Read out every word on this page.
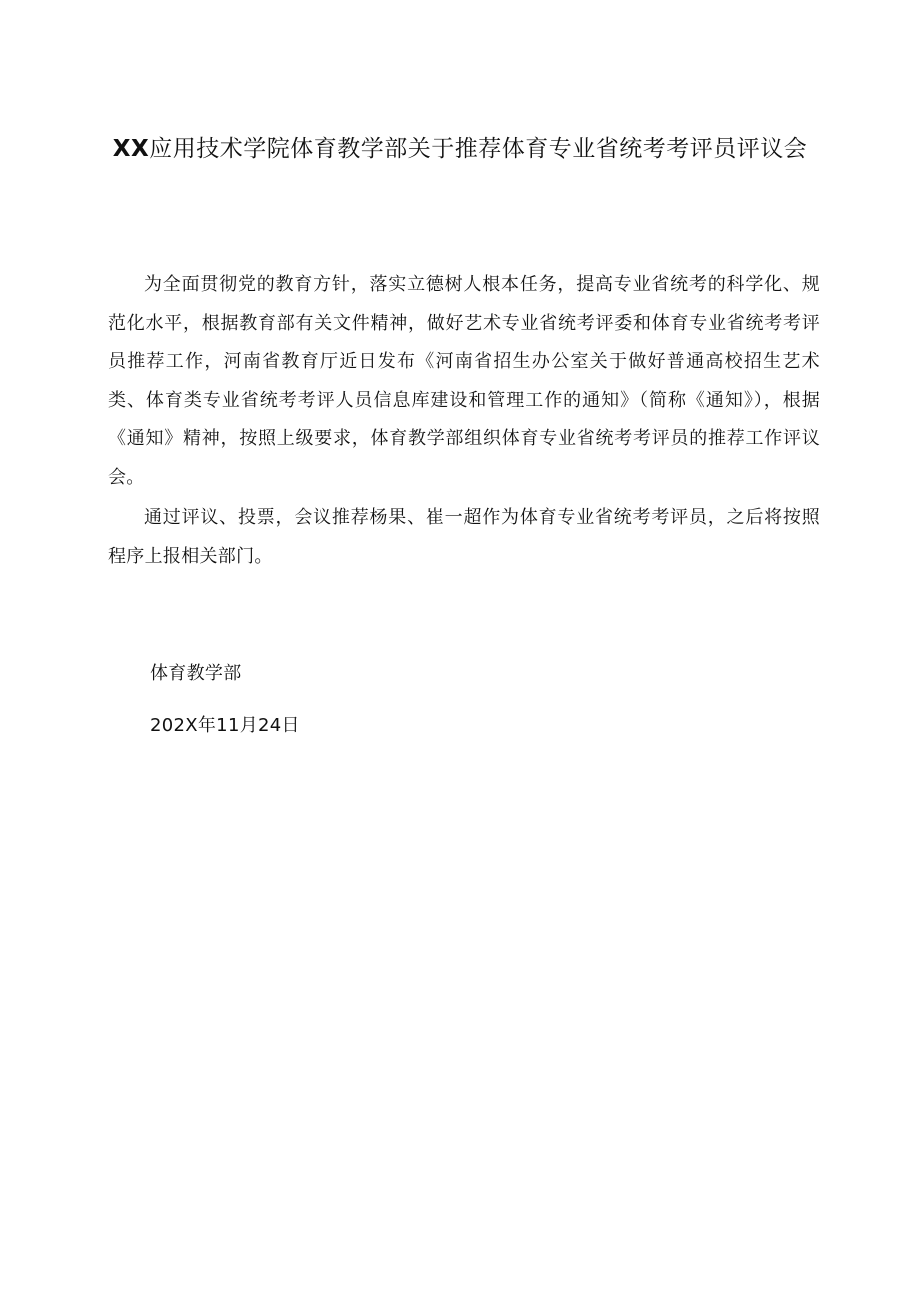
XX应用技术学院体育教学部关于推荐体育专业省统考考评员评议会

为全面贯彻党的教育方针，落实立德树人根本任务，提高专业省统考的科学化、规范化水平，根据教育部有关文件精神，做好艺术专业省统考评委和体育专业省统考考评员推荐工作，河南省教育厅近日发布《河南省招生办公室关于做好普通高校招生艺术类、体育类专业省统考考评人员信息库建设和管理工作的通知》（简称《通知》），根据《通知》精神，按照上级要求，体育教学部组织体育专业省统考考评员的推荐工作评议会。

通过评议、投票，会议推荐杨果、崔一超作为体育专业省统考考评员，之后将按照程序上报相关部门。

体育教学部
202X年11月24日
